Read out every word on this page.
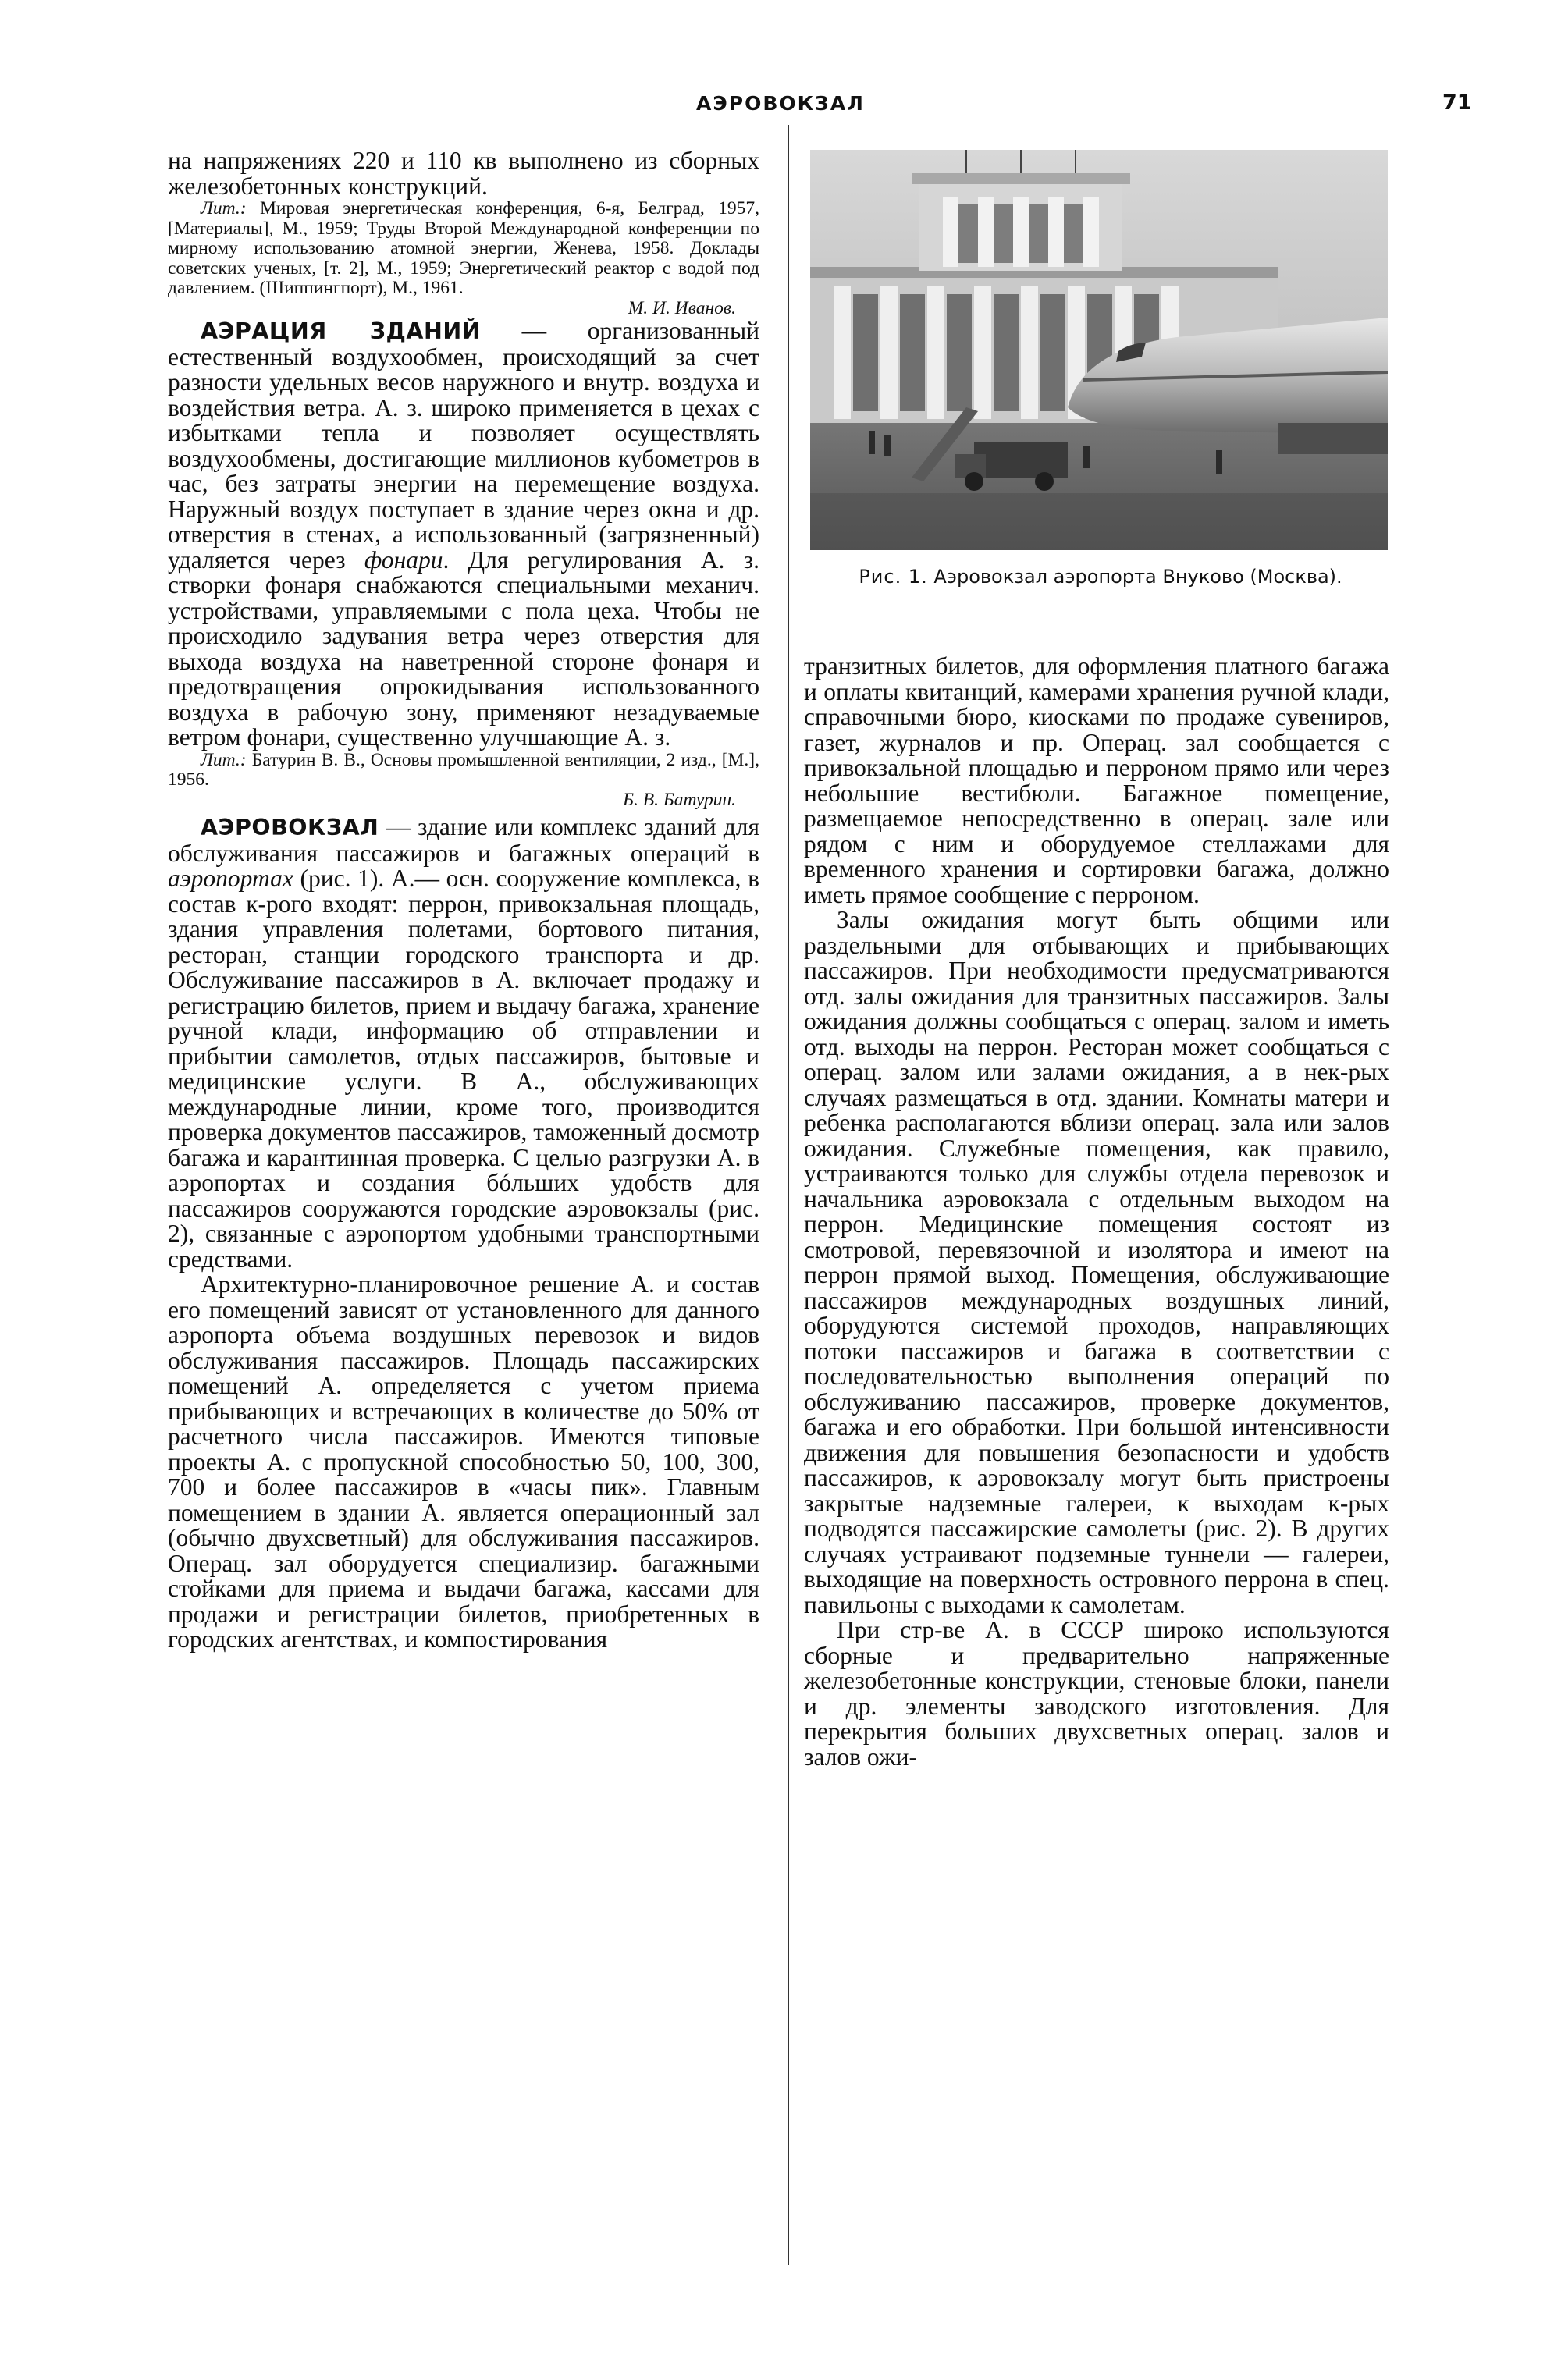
АЭРОВОКЗАЛ	71

на напряжениях 220 и 110 кв выполнено из сборных железобетонных конструкций.

Лит.: Мировая энергетическая конференция, 6-я, Белград, 1957, [Материалы], М., 1959; Труды Второй Международной конференции по мирному использованию атомной энергии, Женева, 1958. Доклады советских ученых, [т. 2], М., 1959; Энергетический реактор с водой под давлением. (Шиппингпорт), М., 1961.
М. И. Иванов.

АЭРАЦИЯ ЗДАНИЙ — организованный естественный воздухообмен, происходящий за счет разности удельных весов наружного и внутр. воздуха и воздействия ветра. А. з. широко применяется в цехах с избытками тепла и позволяет осуществлять воздухообмены, достигающие миллионов кубометров в час, без затраты энергии на перемещение воздуха. Наружный воздух поступает в здание через окна и др. отверстия в стенах, а использованный (загрязненный) удаляется через фонари. Для регулирования А. з. створки фонаря снабжаются специальными механич. устройствами, управляемыми с пола цеха. Чтобы не происходило задувания ветра через отверстия для выхода воздуха на наветренной стороне фонаря и предотвращения опрокидывания использованного воздуха в рабочую зону, применяют незадуваемые ветром фонари, существенно улучшающие А. з.

Лит.: Батурин В. В., Основы промышленной вентиляции, 2 изд., [М.], 1956.
Б. В. Батурин.

АЭРОВОКЗАЛ — здание или комплекс зданий для обслуживания пассажиров и багажных операций в аэропортах (рис. 1). А.— осн. сооружение комплекса, в состав к-рого входят: перрон, привокзальная площадь, здания управления полетами, бортового питания, ресторан, станции городского транспорта и др. Обслуживание пассажиров в А. включает продажу и регистрацию билетов, прием и выдачу багажа, хранение ручной клади, информацию об отправлении и прибытии самолетов, отдых пассажиров, бытовые и медицинские услуги. В А., обслуживающих международные линии, кроме того, производится проверка документов пассажиров, таможенный досмотр багажа и карантинная проверка. С целью разгрузки А. в аэропортах и создания бóльших удобств для пассажиров сооружаются городские аэровокзалы (рис. 2), связанные с аэропортом удобными транспортными средствами.

Архитектурно-планировочное решение А. и состав его помещений зависят от установленного для данного аэропорта объема воздушных перевозок и видов обслуживания пассажиров. Площадь пассажирских помещений А. определяется с учетом приема прибывающих и встречающих в количестве до 50% от расчетного числа пассажиров. Имеются типовые проекты А. с пропускной способностью 50, 100, 300, 700 и более пассажиров в «часы пик». Главным помещением в здании А. является операционный зал (обычно двухсветный) для обслуживания пассажиров. Операц. зал оборудуется специализир. багажными стойками для приема и выдачи багажа, кассами для продажи и регистрации билетов, приобретенных в городских агентствах, и компостирования

Рис. 1. Аэровокзал аэропорта Внуково (Москва).

транзитных билетов, для оформления платного багажа и оплаты квитанций, камерами хранения ручной клади, справочными бюро, киосками по продаже сувениров, газет, журналов и пр. Операц. зал сообщается с привокзальной площадью и перроном прямо или через небольшие вестибюли. Багажное помещение, размещаемое непосредственно в операц. зале или рядом с ним и оборудуемое стеллажами для временного хранения и сортировки багажа, должно иметь прямое сообщение с перроном.

Залы ожидания могут быть общими или раздельными для отбывающих и прибывающих пассажиров. При необходимости предусматриваются отд. залы ожидания для транзитных пассажиров. Залы ожидания должны сообщаться с операц. залом и иметь отд. выходы на перрон. Ресторан может сообщаться с операц. залом или залами ожидания, а в нек-рых случаях размещаться в отд. здании. Комнаты матери и ребенка располагаются вблизи операц. зала или залов ожидания. Служебные помещения, как правило, устраиваются только для службы отдела перевозок и начальника аэровокзала с отдельным выходом на перрон. Медицинские помещения состоят из смотровой, перевязочной и изолятора и имеют на перрон прямой выход. Помещения, обслуживающие пассажиров международных воздушных линий, оборудуются системой проходов, направляющих потоки пассажиров и багажа в соответствии с последовательностью выполнения операций по обслуживанию пассажиров, проверке документов, багажа и его обработки. При большой интенсивности движения для повышения безопасности и удобств пассажиров, к аэровокзалу могут быть пристроены закрытые надземные галереи, к выходам к-рых подводятся пассажирские самолеты (рис. 2). В других случаях устраивают подземные туннели — галереи, выходящие на поверхность островного перрона в спец. павильоны с выходами к самолетам.

При стр-ве А. в СССР широко используются сборные и предварительно напряженные железобетонные конструкции, стеновые блоки, панели и др. элементы заводского изготовления. Для перекрытия больших двухсветных операц. залов и залов ожи-
